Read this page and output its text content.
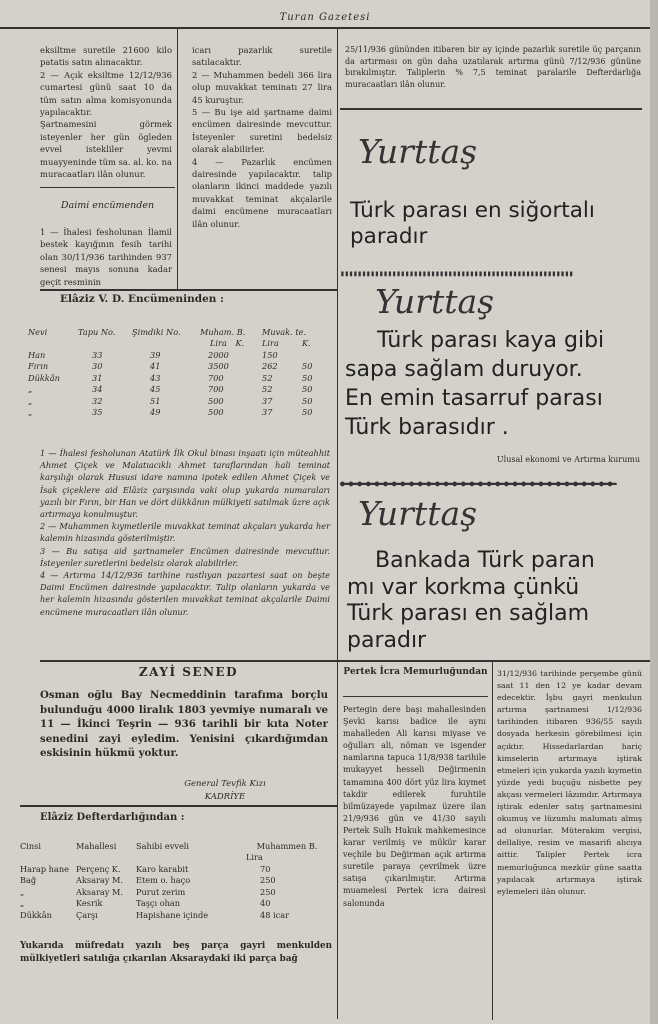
Turan Gazetesi

eksiltme suretile 21600 kilo patatis satın alınacaktır.

2 — Açık eksiltme 12/12/936 cumartesi günü saat 10 da tüm satın alma komisyonunda yapılacaktır.

Şartnamesini görmek isteyenler her gün ögleden evvel istekliler yevmi muayyeninde tüm sa. al. ko. na muracaatları ilân olunur.

Daimi encümenden
1 — İhalesi fesholunan İlamil bestek kayığının fesih tarihi olan 30/11/936 tarihinden 937 senesi mayıs sonuna kadar geçit resminin

icarı pazarlık suretile satılacaktır.

2 — Muhammen bedeli 366 lira olup muvakkat teminatı 27 lira 45 kuruştur.

5 — Bu işe aid şartname daimi encümen dairesinde mevcuttur. İsteyenler suretini bedelsiz olarak alabilirler.

4 — Pazarlık encümen dairesinde yapılacaktır. talip olanların ikinci maddede yazılı muvakkat teminat akçalarile daimi encümene muracaatları ilân olunur.

25/11/936 gününden itibaren bir ay içinde pazarlık suretile üç parçanın da artırması on gün daha uzatılarak artırma günü 7/12/936 gününe bırakılmıştır. Taliplerin % 7,5 teminat paralarile Defterdarlığa muracaatları ilân olunur.
Yurttaş
Türk parası en siğortalı paradır
▮▮▮▮▮▮▮▮▮▮▮▮▮▮▮▮▮▮▮▮▮▮▮▮▮▮▮▮▮▮▮▮▮▮▮▮▮▮▮▮▮▮▮▮▮▮▮▮▮▮▮▮▮▮
Yurttaş
Türk parası kaya gibi
sapa sağlam duruyor.
En emin tasarruf parası
Türk barasıdır .
Ulusal ekonomi ve Artırma kurumu
●▬●▬●▬●▬●▬●▬●▬●▬●▬●▬●▬●▬●▬●▬●▬●▬●▬●▬●▬●▬●▬●▬●▬●▬●▬●▬●▬●▬●▬●▬●▬●▬
Yurttaş
Bankada Türk paran
mı var korkma çünkü
Türk parası en sağlam
paradır
Elâziz V. D. Encümeninden :
Nevi	Tapu No.	Şimdiki No.	Muham. B.	Muvak. te.	
			Lira K.	Lira	K.
Han	33	39	2000	150	
Fırın	30	41	3500	262	50
Dükkân	31	43	700	52	50
„	34	45	700	52	50
„	32	51	500	37	50
„	35	49	500	37	50

1 — İhalesi fesholunan Atatürk İlk Okul binası inşaatı için müteahhit Ahmet Çiçek ve Malatıacıklı Ahmet taraflarından hali teminat karşılığı olarak Hususi idare namına ipotek edilen Ahmet Çiçek ve İsak çiçeklere aid Elâziz çarşısında vaki olup yukarda numaraları yazılı bir Fırın, bir Han ve dört dükkânın mülkiyeti satılmak üzre açık artırmaya konulmuştur.

2 — Muhammen kıymetlerile muvakkat teminat akçaları yukarda her kalemin hizasında gösterilmiştir.

3 — Bu satışa aid şartnameler Encümen dairesinde mevcuttur. İsteyenler suretlerini bedelsiz olarak alabilirler.

4 — Artırma 14/12/936 tarihine rastlıyan pazartesi saat on beşte Daimi Encümen dairesinde yapılacaktır. Talip olanların yukarda ve her kalemin hizasında gösterilen muvakkat teminat akçalarile Daimi encümene muracaatları ilân olunur.

ZAYİ SENED
Osman oğlu Bay Necmeddinin tarafıma borçlu bulunduğu 4000 liralık 1803 yevmiye numaralı ve 11 — İkinci Teşrin — 936 tarihli bir kıta Noter senedini zayi eyledim. Yenisini çıkardığımdan eskisinin hükmü yoktur.
General Tevfik Kızı
KADRİYE
Elâziz Defterdarlığından :
Cinsi	Mahallesi	Sahibi evveli	Muhammen B.
			Lira
Harap hane	Perçenç K.	Karo karabit	70
Bağ	Aksaray M.	Etem o. haço	250
„	Aksaray M.	Purut zerim	250
„	Kesrik	Taşçı ohan	40
Dükkân	Çarşı	Hapishane içinde	48 icar
Yukarıda müfredatı yazılı beş parça gayri menkulden mülkiyetleri satılığa çıkarılan Aksaraydaki iki parça bağ
Pertek İcra Memurluğundan
Pertegin dere başı mahallesinden Şevki karısı badice ile aynı mahalleden Ali karısı miyase ve oğulları ali, nöman ve isgender namlarına tapuca 11/8/938 tarihile mukayyet hesseli Değirmenin tamamına 400 dört yüz lira kıymet takdir edilerek furuhtile bilmüzayede yapılmaz üzere ilan 21/9/936 gün ve 41/30 sayılı Pertek Sulh Hukuk mahkemesince karar verilmiş ve mükür karar veçhile bu Değirman açık artırma suretile paraya çevrilmek üzre satışa çıkarılmıştır. Artırma muamelesi Pertek icra dairesi salonunda
31/12/936 tarihinde perşembe günü saat 11 den 12 ye kadar devam edecektir. İşbu gayri menkulun artırma şartnamesi 1/12/936 tarihinden itibaren 936/55 sayılı dosyada herkesin görebilmesi için açıktır. Hissedarlardan hariç kimselerin artırmaya iştirak etmeleri için yukarda yazılı kıymetin yüzde yedi buçuğu nisbette pey akçası vermeleri lâzımdır. Artırmaya iştirak edenler satış şartnamesini okumuş ve lüzumlu malumatı almış ad olunurlar. Müterakim vergisi, dellaliye, resim ve masarifi alıcıya aittir. Talipler Pertek icra memurluğunca mezkür güne saatta yapılacak artırmaya iştirak eylemeleri ilân olunur.
